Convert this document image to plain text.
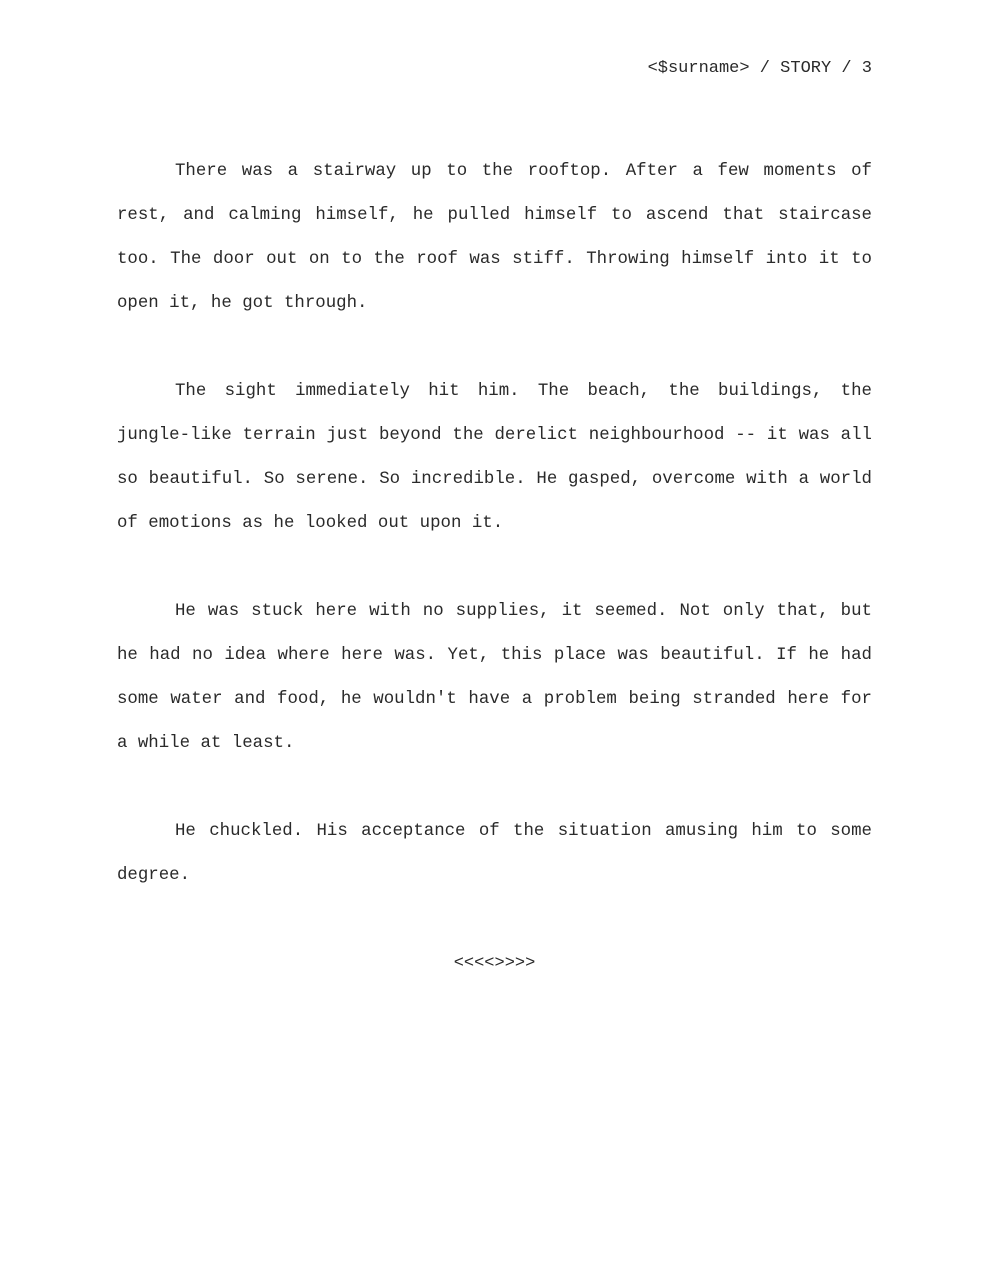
<$surname> / STORY / 3

There was a stairway up to the rooftop. After a few moments of rest, and calming himself, he pulled himself to ascend that staircase too. The door out on to the roof was stiff. Throwing himself into it to open it, he got through.

The sight immediately hit him. The beach, the buildings, the jungle-like terrain just beyond the derelict neighbourhood -- it was all so beautiful. So serene. So incredible. He gasped, overcome with a world of emotions as he looked out upon it.

He was stuck here with no supplies, it seemed. Not only that, but he had no idea where here was. Yet, this place was beautiful. If he had some water and food, he wouldn't have a problem being stranded here for a while at least.

He chuckled. His acceptance of the situation amusing him to some degree.

<<<<>>>>
